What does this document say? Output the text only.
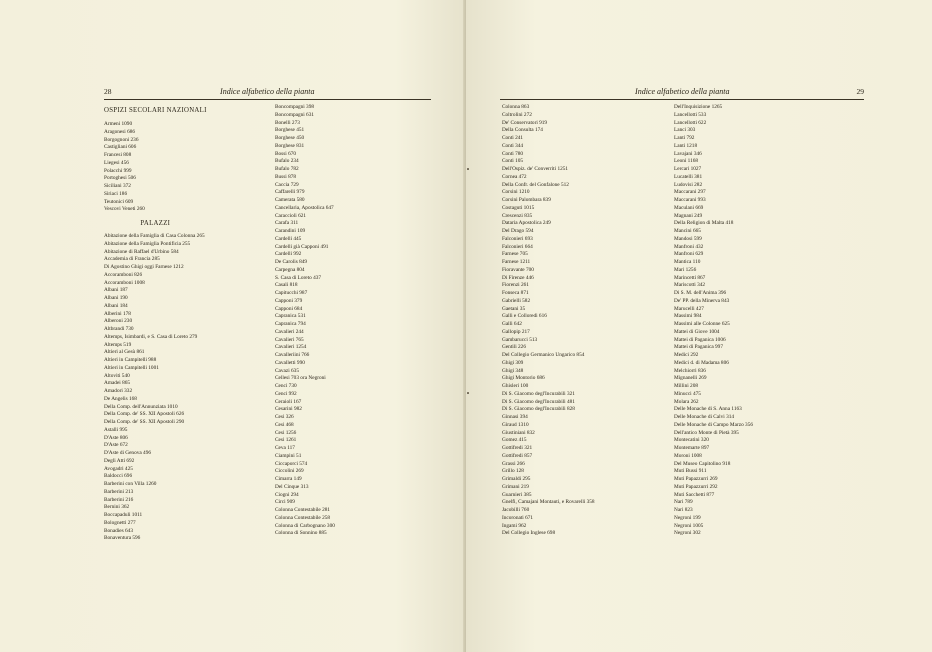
28	Indice alfabetico della pianta
OSPIZI SECOLARI NAZIONALI
Armeni 1090
Aragonesi 686
Borgognoni 236
Castigliani 606
Francesi 808
Liegesi 456
Polacchi 999
Portoghesi 506
Siciliani 372
Siriaci 186
Teutonici 609
Vescovi Veneti 260
PALAZZI
Abitazione della Famiglia di Casa Colonna 265
Abitazione della Famiglia Pontificia 255
Abitazione di Raffael d'Urbino 584
Accademia di Francia 285
Di Agostino Ghigi oggi Farnese 1212
Accoramboni 826
Accoramboni 1008
Albani 187
Albani 190
Albani 184
Alberini 178
Alberoni 230
Altbrandi 730
Altemps, Isimbardi, e S. Casa di Loreto 279
Altemps 519
Altieri al Gesù 861
Altieri in Campitelli 988
Altieri in Campitelli 1001
Altoviti 540
Amadei 865
Amadori 332
De Angelis 168
Della Comp. dell'Annunziata 1010
Della Comp. de' SS. XII Apostoli 626
Della Comp. de' SS. XII Apostoli 290
Astalli 995
D'Aste 806
D'Aste 672
D'Aste di Genova 496
Degli Atti 692
Avogadri 425
Baldocci 696
Barberini con Villa 1260
Barberini 213
Barberini 216
Bernini 362
Boccapaduli 1011
Bolognetti 277
Bonadies 643
Bonaventura 596
Boncompagni 398
Boncompagni 631
Bonelli 273
Borghese 451
Borghese 450
Borghese 831
Bossi 670
Bufalo 234
Bufalo 782
Bussi 878
Caccia 729
Caffarelli 979
Camerata 580
Cancellaria, Apostolica 647
Caraccioli 621
Carafa 311
Carandini 109
Cardelli 445
Cardelli già Capponi 491
Cardelli 992
De Carolis 849
Carpegna 804
S. Casa di Loreto 437
Casali 818
Capitucchi 987
Capponi 379
Capponi 684
Capranica 531
Capranica 794
Cavalieri 244
Cavalieri 765
Cavalieri 1254
Cavalleriini 766
Cavalletti 990
Cavazi 635
Cellesi 703 ora Negroni
Cenci 730
Cenci 992
Ceraioli 167
Cesarini 982
Cesi 326
Cesi 468
Cesi 1256
Cesi 1261
Ceva 117
Ciampini 51
Ciccaporci 574
Ciccolini 269
Cimarra 149
Del Cinque 313
Ciogni 294
Circi 909
Colonna Contestabile 281
Colonna Contestabile 258
Colonna di Carbognano 300
Colonna di Sonnino 885
Indice alfabetico della pianta	29
Colonna 863
Coltrolini 272
De' Conservatori 919
Della Consulta 174
Conti 241
Conti 344
Conti 780
Conti 105
Dell'Ospiz. de' Converriti 1251
Cornea 472
Della Confr. del Gonfalone 512
Corsini 1210
Corsini Palombara 839
Costaguti 1015
Crescenzi 835
Dataria Apostolica 249
Del Drago 594
Falconieri 693
Falconieri 664
Farnese 705
Farnese 1211
Fioravante 700
Di Firenze 446
Fiorenzi 261
Fonseca 871
Gabrielli 582
Gaetani 35
Galli e Colloredi 616
Galli 642
Gallopip 217
Gambarucci 513
Gentili 226
Del Collegio Germanico Ungarico 854
Ghigi 309
Ghigi 348
Ghigi Montorio 686
Ghisleri 100
Di S. Giacomo degl'Incurabili 321
Di S. Giacomo degl'Incurabili 481
Di S. Giacomo degl'Incurabili 828
Ginnasi 394
Giraud 1310
Giustiniani 832
Gomez 415
Gottifredi 321
Gottifredi 857
Grassi 266
Grillo 128
Grimaldi 295
Grimani 219
Guarnieri 385
Gnelfi, Camajani Montauti, e Rovarelli 358
Jacobilli 760
Incoronati 671
Ingami 962
Del Collegio Inglese 698
Dell'Inquisizione 1265
Lancellotti 533
Lancellotti 622
Lanci 303
Lanti 792
Lanti 1218
Lavajani 346
Leoni 1168
Lercari 1027
Lucatelli 381
Ludovisi 282
Maccarani 297
Maccarani 993
Maculani 669
Magnani 249
Della Religion di Malta 418
Mancini 665
Mandosi 599
Manfroni 432
Manfroni 629
Mantica 110
Mari 1256
Marincetti 867
Mariscotti 342
Di S. M. dell'Anima 396
De' PP. della Minerva 843
Marucelli 427
Massimi 984
Massimi alle Colonne 625
Mattei di Giove 1004
Mattei di Paganica 1006
Mattei di Paganica 997
Medici 292
Medici d. di Madama 806
Melchiorri 836
Mignanelli 269
Millini 208
Minucci 475
Molara 262
Delle Monache di S. Anna 1163
Delle Monache di Calvi 314
Delle Monache di Campo Marzo 356
Dell'antico Monte di Pietà 395
Montecatini 320
Montemarte 897
Moroni 1008
Del Museo Capitolino 918
Muti Bussi 911
Muti Papazzurri 269
Muti Papazzurri 292
Muti Sacchetti 877
Nari 789
Nari 823
Negroni 199
Negroni 1005
Negroni 302
